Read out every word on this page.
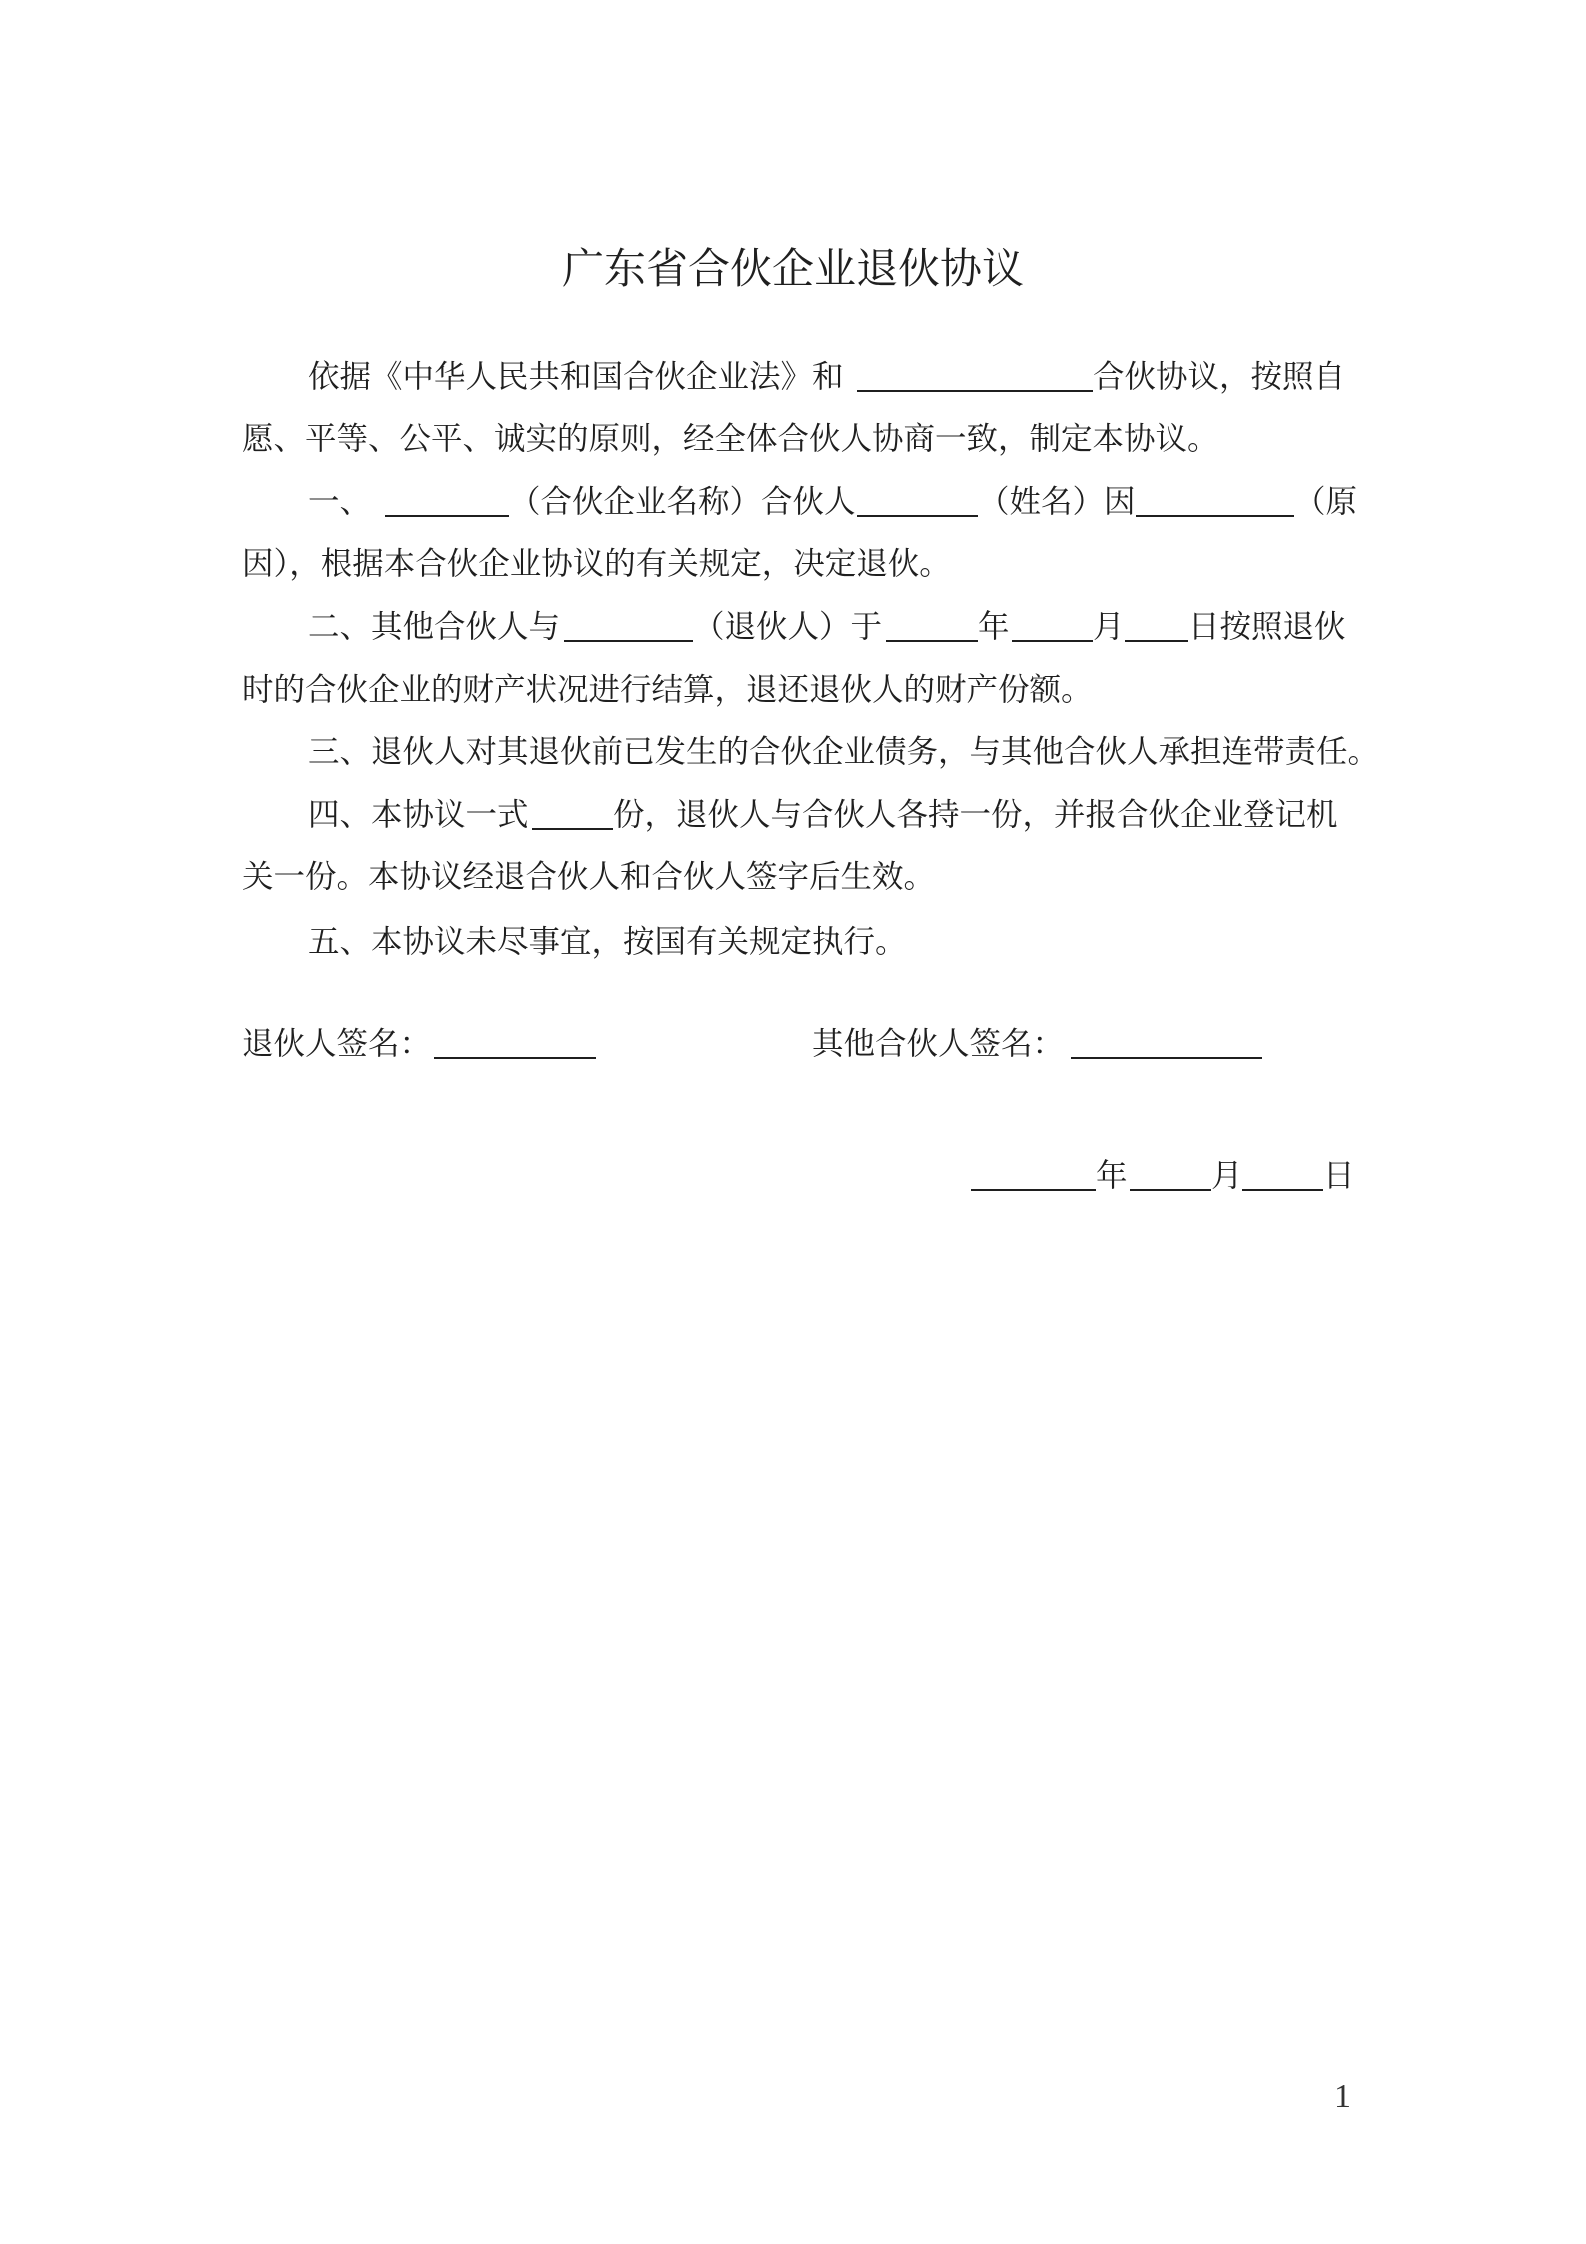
广东省合伙企业退伙协议
依据《中华人民共和国合伙企业法》和	合伙协议，按照自
愿、平等、公平、诚实的原则，经全体合伙人协商一致，制定本协议。
一、	（合伙企业名称）合伙人	（姓名）因	（原
因），根据本合伙企业协议的有关规定，决定退伙。
二、其他合伙人与	（退伙人）于	年	月 日按照退伙
时的合伙企业的财产状况进行结算，退还退伙人的财产份额。
三、退伙人对其退伙前已发生的合伙企业债务，与其他合伙人承担连带责任。
四、本协议一式	份，退伙人与合伙人各持一份，并报合伙企业登记机
关一份。本协议经退合伙人和合伙人签字后生效。
五、本协议未尽事宜，按国有关规定执行。
退伙人签名：	其他合伙人签名：
年	月	日
1
